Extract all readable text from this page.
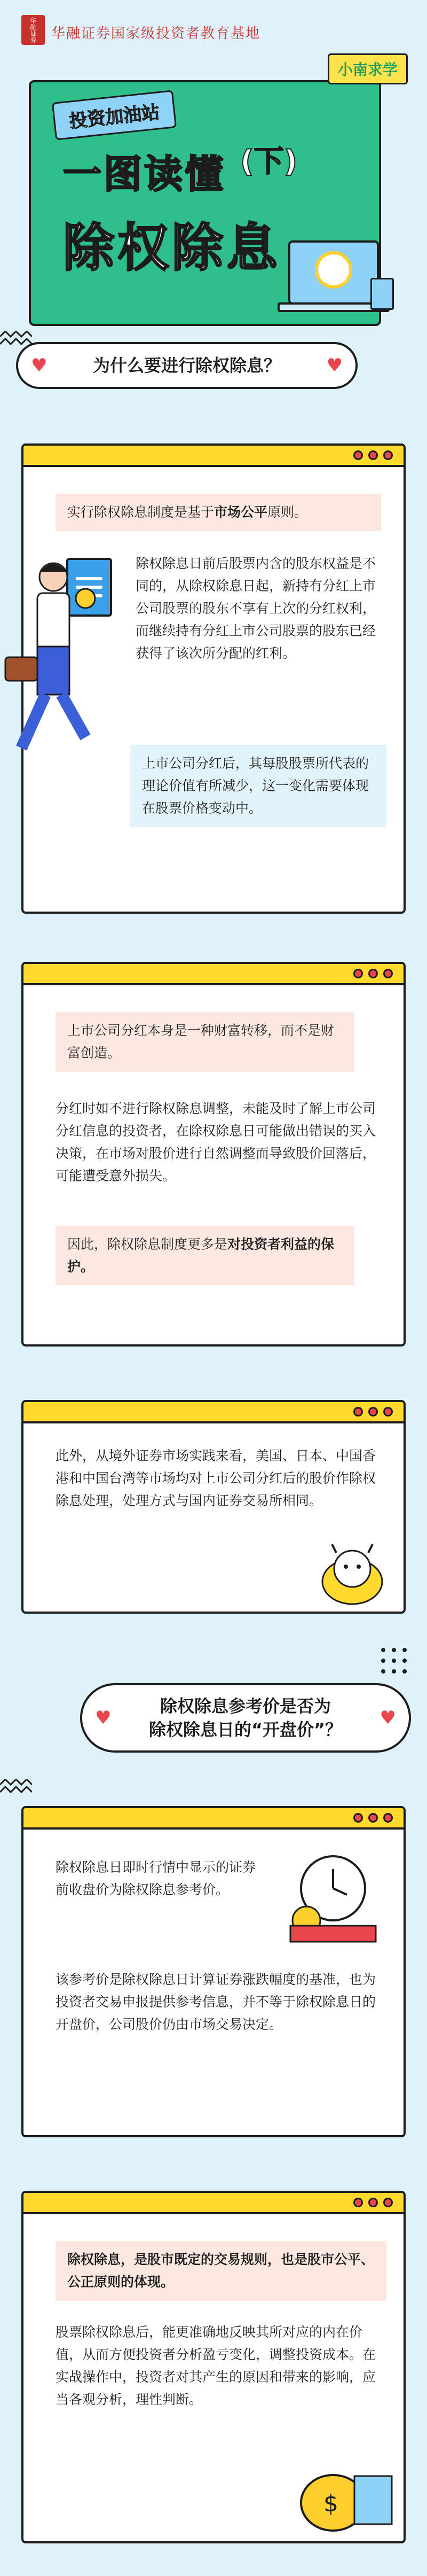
华融证券 华融证券国家级投资者教育基地
小南求学
投资加油站
一图读懂 (下)
除权除息
♥	为什么要进行除权除息？	♥
实行除权除息制度是基于市场公平原则。
除权除息日前后股票内含的股东权益是不同的，从除权除息日起，新持有分红上市公司股票的股东不享有上次的分红权利，而继续持有分红上市公司股票的股东已经获得了该次所分配的红利。
上市公司分红后，其每股股票所代表的理论价值有所减少，这一变化需要体现在股票价格变动中。
上市公司分红本身是一种财富转移，而不是财富创造。
分红时如不进行除权除息调整，未能及时了解上市公司分红信息的投资者，在除权除息日可能做出错误的买入决策，在市场对股价进行自然调整而导致股价回落后，可能遭受意外损失。
因此，除权除息制度更多是对投资者利益的保护。
此外，从境外证券市场实践来看，美国、日本、中国香港和中国台湾等市场均对上市公司分红后的股价作除权除息处理，处理方式与国内证券交易所相同。
♥
除权除息参考价是否为
除权除息日的“开盘价”？
♥
除权除息日即时行情中显示的证券前收盘价为除权除息参考价。
该参考价是除权除息日计算证券涨跌幅度的基准，也为投资者交易申报提供参考信息，并不等于除权除息日的开盘价，公司股价仍由市场交易决定。
除权除息，是股市既定的交易规则，也是股市公平、公正原则的体现。
股票除权除息后，能更准确地反映其所对应的内在价值，从而方便投资者分析盈亏变化，调整投资成本。在实战操作中，投资者对其产生的原因和带来的影响，应当各观分析，理性判断。
$
